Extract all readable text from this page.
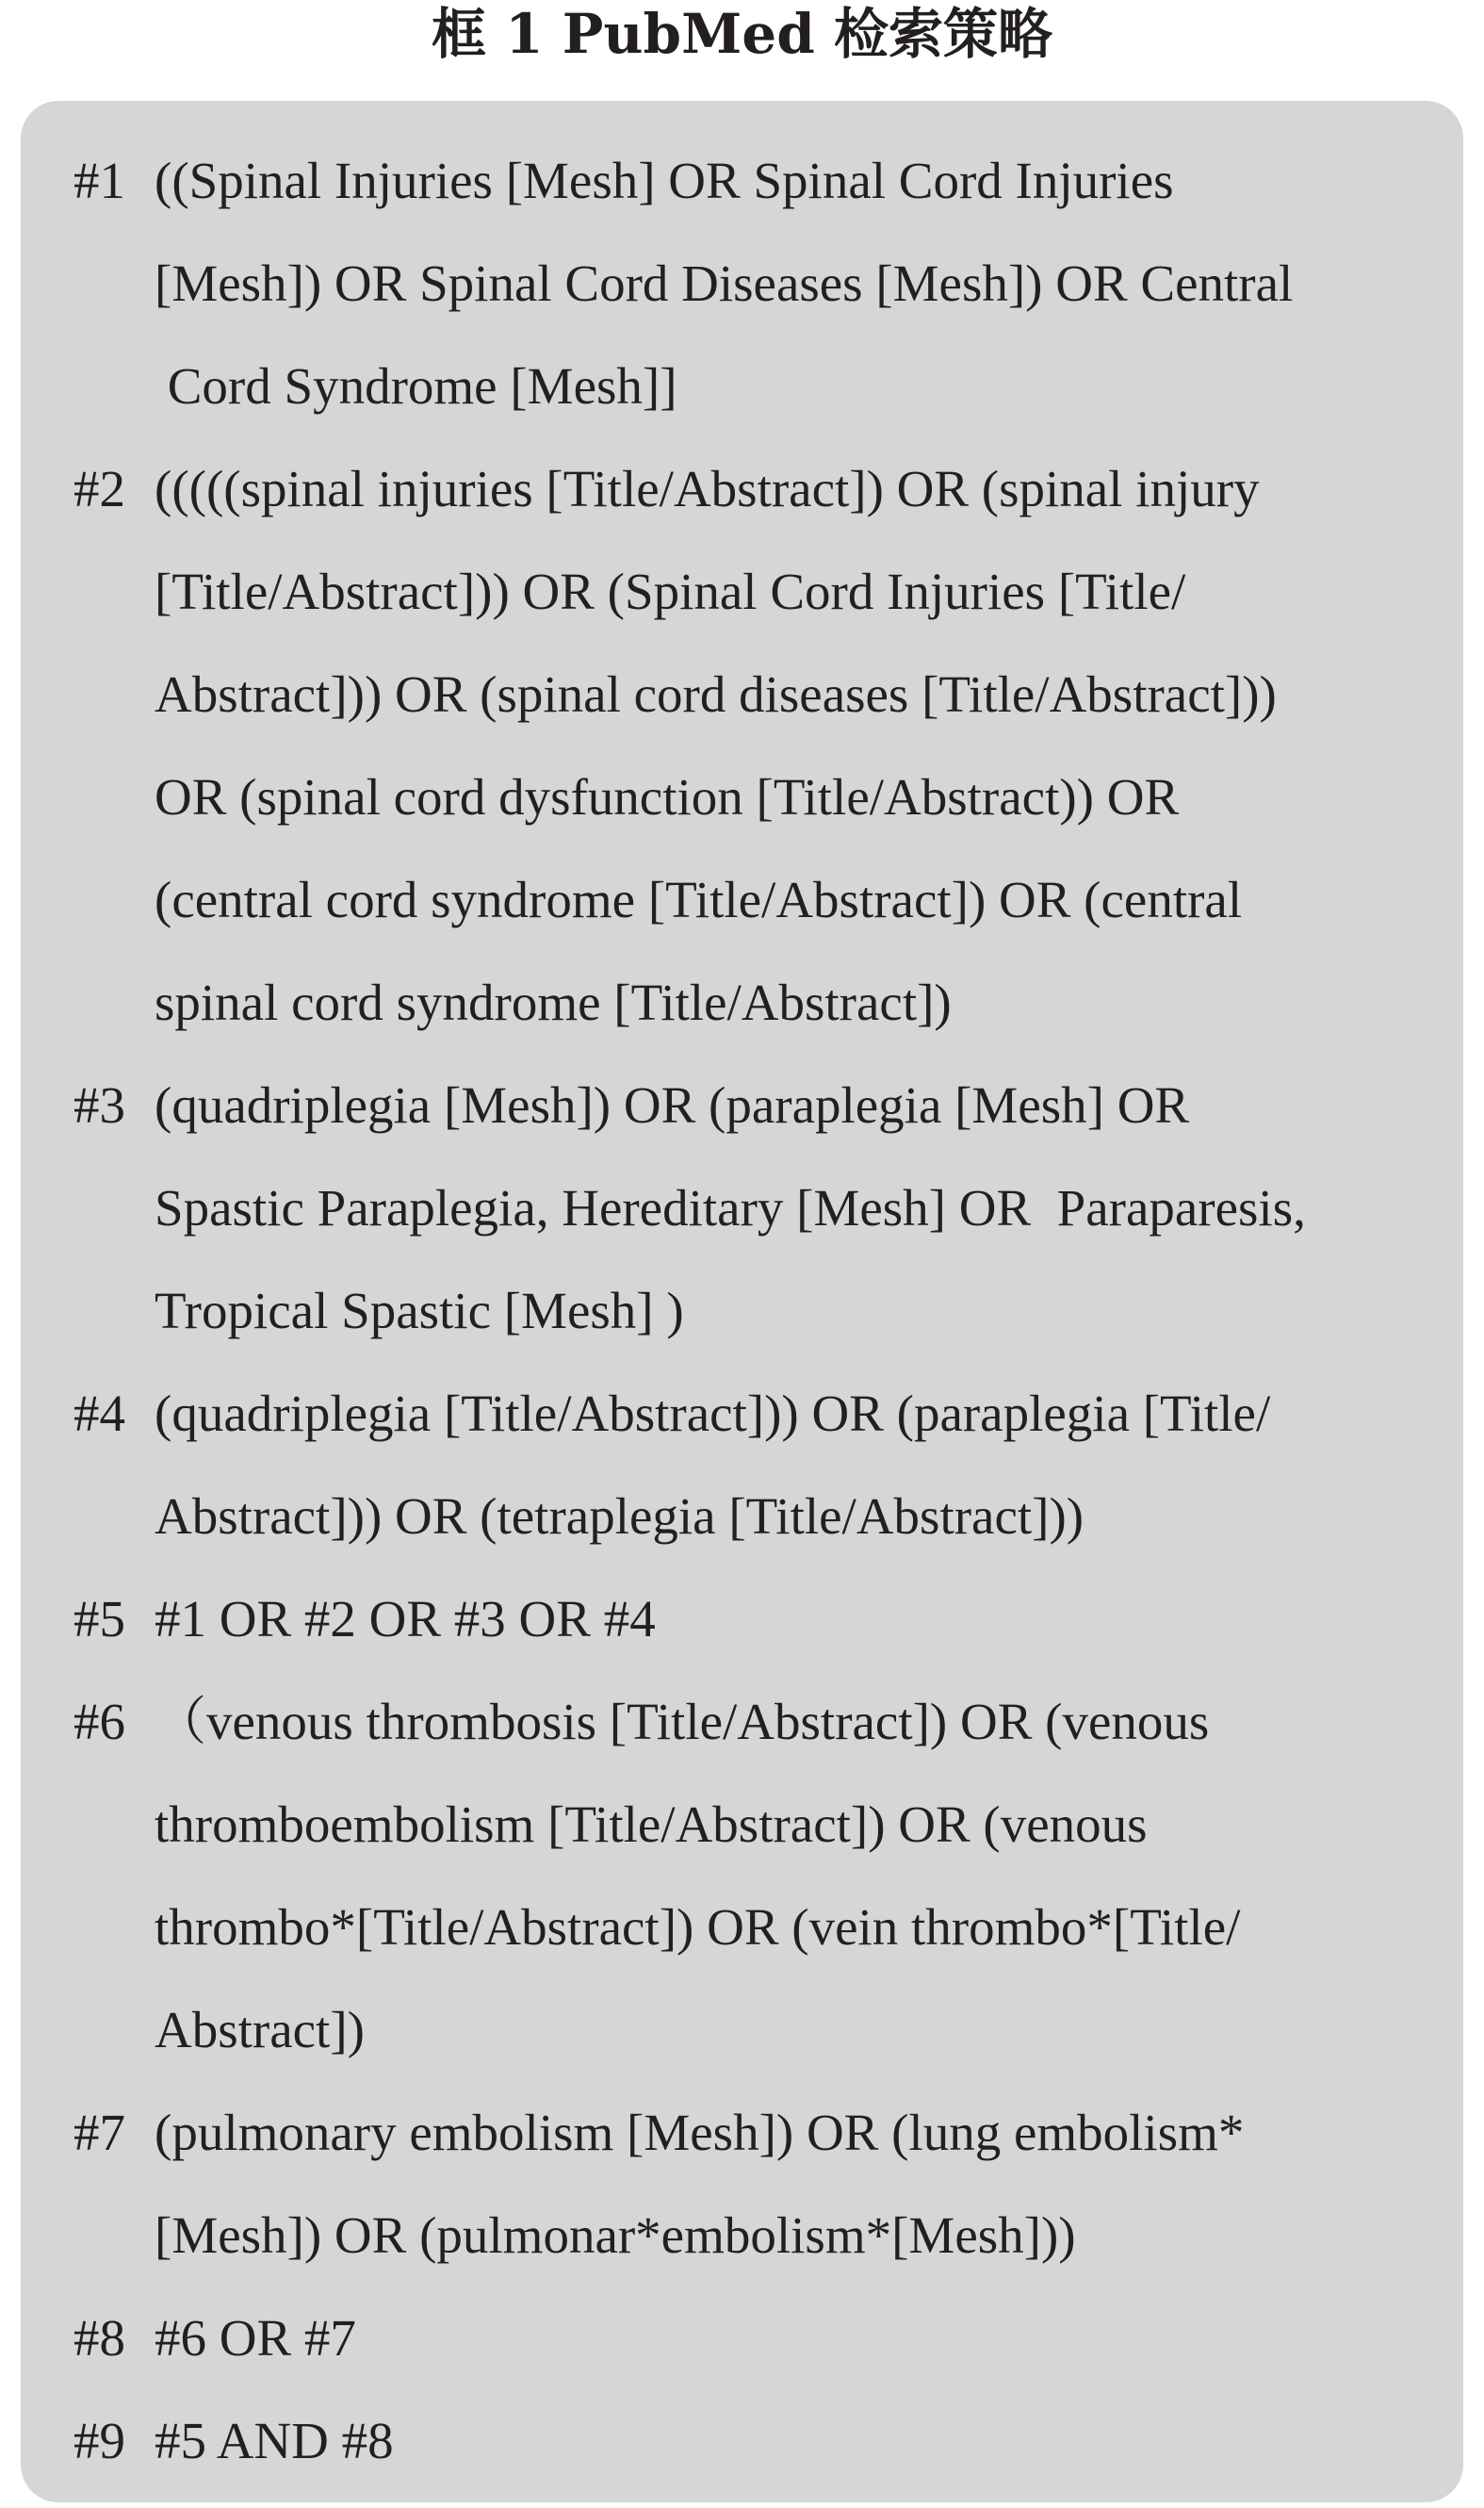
框 1 PubMed 检索策略
#1 ((Spinal Injuries [Mesh] OR Spinal Cord Injuries
[Mesh]) OR Spinal Cord Diseases [Mesh]) OR Central
Cord Syndrome [Mesh]]
#2 (((((spinal injuries [Title/Abstract]) OR (spinal injury
[Title/Abstract])) OR (Spinal Cord Injuries [Title/
Abstract])) OR (spinal cord diseases [Title/Abstract]))
OR (spinal cord dysfunction [Title/Abstract)) OR
(central cord syndrome [Title/Abstract]) OR (central
spinal cord syndrome [Title/Abstract])
#3 (quadriplegia [Mesh]) OR (paraplegia [Mesh] OR
Spastic Paraplegia, Hereditary [Mesh] OR  Paraparesis,
Tropical Spastic [Mesh] )
#4 (quadriplegia [Title/Abstract])) OR (paraplegia [Title/
Abstract])) OR (tetraplegia [Title/Abstract]))
#5 #1 OR #2 OR #3 OR #4
#6 （venous thrombosis [Title/Abstract]) OR (venous
thromboembolism [Title/Abstract]) OR (venous
thrombo*[Title/Abstract]) OR (vein thrombo*[Title/
Abstract])
#7 (pulmonary embolism [Mesh]) OR (lung embolism*
[Mesh]) OR (pulmonar*embolism*[Mesh]))
#8 #6 OR #7
#9 #5 AND #8
